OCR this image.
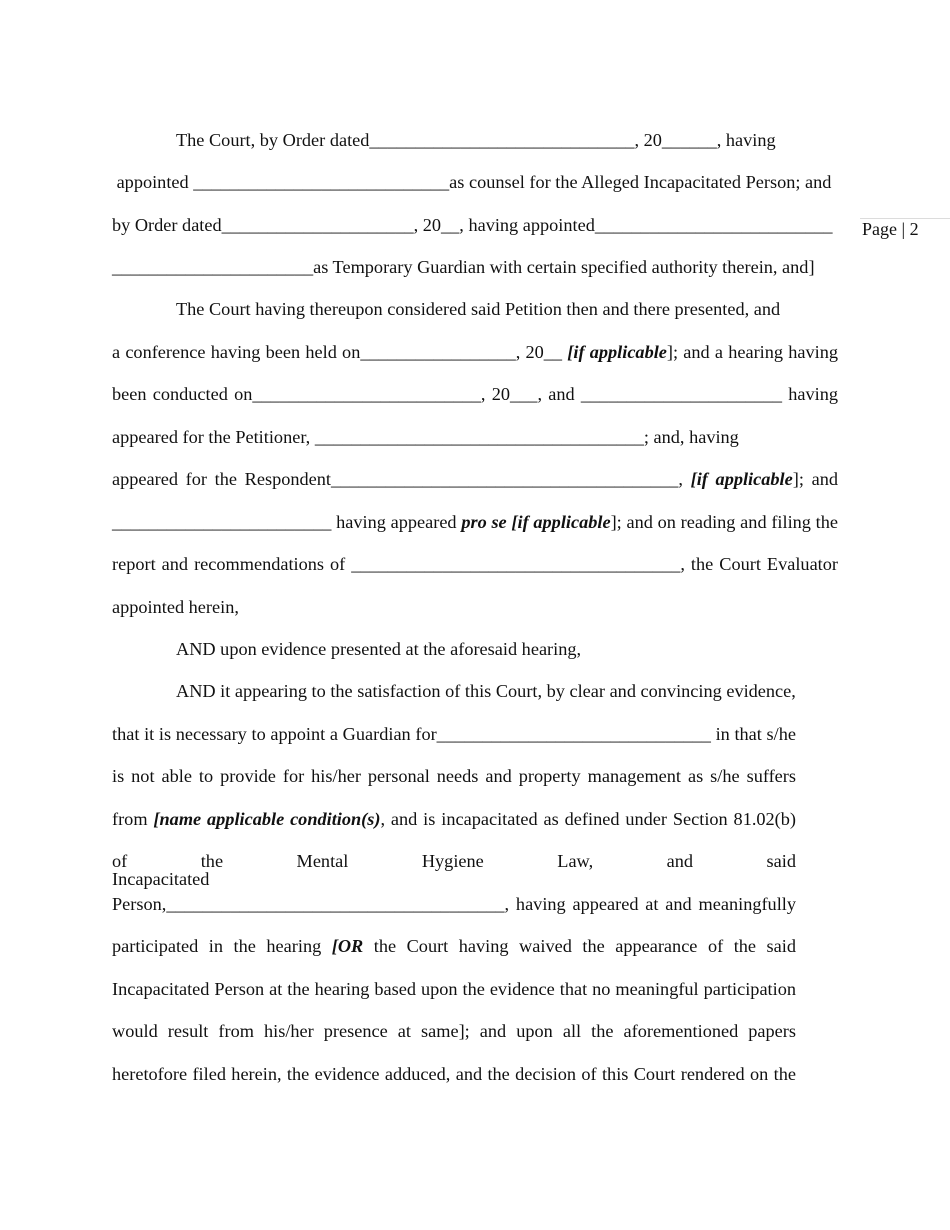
Page | 2
The Court, by Order dated_____________________________, 20______, having
appointed ____________________________as counsel for the Alleged Incapacitated Person; and
by Order dated_____________________, 20__, having appointed__________________________
______________________as Temporary Guardian with certain specified authority therein, and]
The Court having thereupon considered said Petition then and there presented, and
a conference having been held on_________________, 20__ [if applicable]; and a hearing having
been conducted on_________________________, 20___, and ______________________ having
appeared for the Petitioner, ____________________________________; and, having
appeared for the Respondent______________________________________, [if applicable]; and
________________________ having appeared pro se [if applicable]; and on reading and filing the
report and recommendations of ____________________________________, the Court Evaluator
appointed herein,
AND upon evidence presented at the aforesaid hearing,
AND it appearing to the satisfaction of this Court, by clear and convincing evidence,
that it is necessary to appoint a Guardian for______________________________ in that s/he
is not able to provide for his/her personal needs and property management as s/he suffers
from [name applicable condition(s), and is incapacitated as defined under Section 81.02(b)
of the Mental Hygiene Law, and said Incapacitated
Person,_____________________________________, having appeared at and meaningfully
participated in the hearing [OR the Court having waived the appearance of the said
Incapacitated Person at the hearing based upon the evidence that no meaningful participation
would result from his/her presence at same]; and upon all the aforementioned papers
heretofore filed herein, the evidence adduced, and the decision of this Court rendered on the
